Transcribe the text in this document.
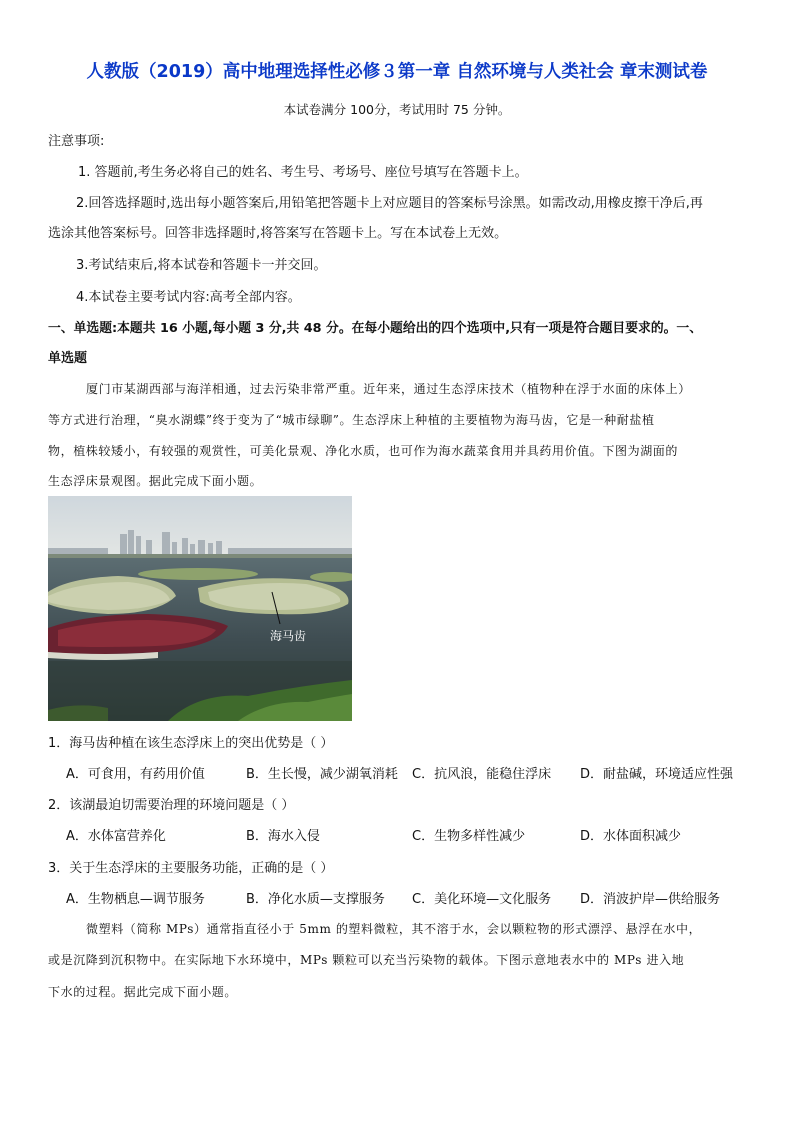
人教版（2019）高中地理选择性必修３第一章 自然环境与人类社会 章末测试卷
本试卷满分 100分，考试用时 75 分钟。
注意事项:
1. 答题前,考生务必将自己的姓名、考生号、考场号、座位号填写在答题卡上。
2.回答选择题时,选出每小题答案后,用铅笔把答题卡上对应题目的答案标号涂黑。如需改动,用橡皮擦干净后,再
选涂其他答案标号。回答非选择题时,将答案写在答题卡上。写在本试卷上无效。
3.考试结束后,将本试卷和答题卡一并交回。
4.本试卷主要考试内容:高考全部内容。
一、单选题:本题共 16 小题,每小题 3 分,共 48 分。在每小题给出的四个选项中,只有一项是符合题目要求的。一、
单选题
厦门市某湖西部与海洋相通，过去污染非常严重。近年来，通过生态浮床技术（植物种在浮于水面的床体上）
等方式进行治理，“臭水湖蝶”终于变为了“城市绿聊”。生态浮床上种植的主要植物为海马齿，它是一种耐盐植
物，植株较矮小，有较强的观赏性，可美化景观、净化水质，也可作为海水蔬菜食用并具药用价值。下图为湖面的
生态浮床景观图。据此完成下面小题。
海马齿
1．海马齿种植在该生态浮床上的突出优势是（ ）
A．可食用，有药用价值	B．生长慢，减少湖氧消耗 C．抗风浪，能稳住浮床 D．耐盐碱，环境适应性强
2．该湖最迫切需要治理的环境问题是（ ）
A．水体富营养化	B．海水入侵	C．生物多样性减少	D．水体面积减少
3．关于生态浮床的主要服务功能，正确的是（ ）
A．生物栖息—调节服务	B．净化水质—支撑服务 C．美化环境—文化服务 D．消波护岸—供给服务
微塑料（简称 MPs）通常指直径小于 5mm 的塑料微粒，其不溶于水，会以颗粒物的形式漂浮、悬浮在水中，
或是沉降到沉积物中。在实际地下水环境中，MPs 颗粒可以充当污染物的载体。下图示意地表水中的 MPs 进入地
下水的过程。据此完成下面小题。
